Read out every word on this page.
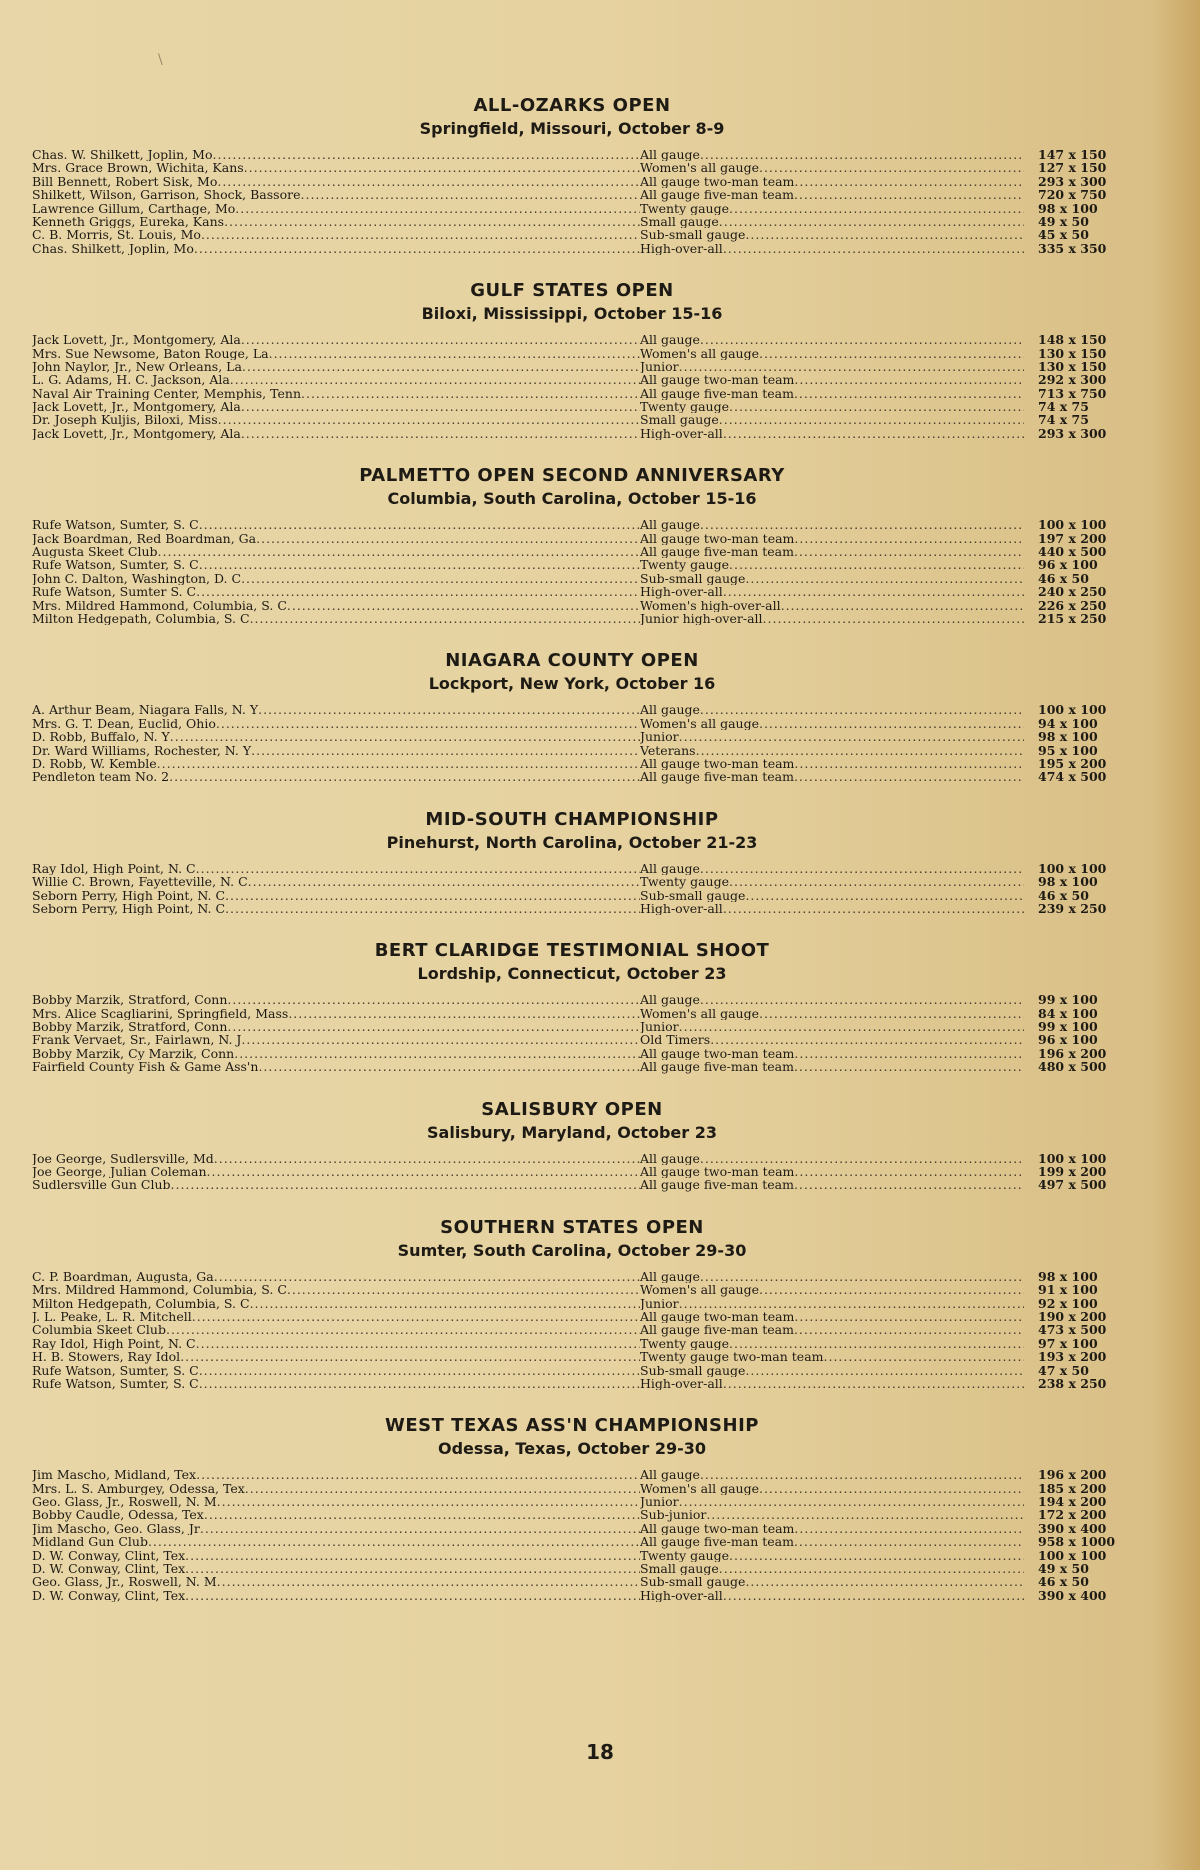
\
ALL-OZARKS OPEN
Springfield, Missouri, October 8-9
Chas. W. Shilkett, Joplin, Mo .....	All gauge .....	147 x 150
Mrs. Grace Brown, Wichita, Kans .....	Women's all gauge .....	127 x 150
Bill Bennett, Robert Sisk, Mo .....	All gauge two-man team .....	293 x 300
Shilkett, Wilson, Garrison, Shock, Bassore .....	All gauge five-man team .....	720 x 750
Lawrence Gillum, Carthage, Mo .....	Twenty gauge .....	98 x 100
Kenneth Griggs, Eureka, Kans .....	Small gauge .....	49 x 50
C. B. Morris, St. Louis, Mo .....	Sub-small gauge .....	45 x 50
Chas. Shilkett, Joplin, Mo .....	High-over-all .....	335 x 350
GULF STATES OPEN
Biloxi, Mississippi, October 15-16
Jack Lovett, Jr., Montgomery, Ala .....	All gauge .....	148 x 150
Mrs. Sue Newsome, Baton Rouge, La .....	Women's all gauge .....	130 x 150
John Naylor, Jr., New Orleans, La .....	Junior .....	130 x 150
L. G. Adams, H. C. Jackson, Ala .....	All gauge two-man team .....	292 x 300
Naval Air Training Center, Memphis, Tenn .....	All gauge five-man team .....	713 x 750
Jack Lovett, Jr., Montgomery, Ala .....	Twenty gauge .....	74 x 75
Dr. Joseph Kuljis, Biloxi, Miss .....	Small gauge .....	74 x 75
Jack Lovett, Jr., Montgomery, Ala .....	High-over-all .....	293 x 300
PALMETTO OPEN SECOND ANNIVERSARY
Columbia, South Carolina, October 15-16
Rufe Watson, Sumter, S. C .....	All gauge .....	100 x 100
Jack Boardman, Red Boardman, Ga .....	All gauge two-man team .....	197 x 200
Augusta Skeet Club .....	All gauge five-man team .....	440 x 500
Rufe Watson, Sumter, S. C .....	Twenty gauge .....	96 x 100
John C. Dalton, Washington, D. C .....	Sub-small gauge .....	46 x 50
Rufe Watson, Sumter S. C .....	High-over-all .....	240 x 250
Mrs. Mildred Hammond, Columbia, S. C .....	Women's high-over-all .....	226 x 250
Milton Hedgepath, Columbia, S. C .....	Junior high-over-all .....	215 x 250
NIAGARA COUNTY OPEN
Lockport, New York, October 16
A. Arthur Beam, Niagara Falls, N. Y .....	All gauge .....	100 x 100
Mrs. G. T. Dean, Euclid, Ohio .....	Women's all gauge .....	94 x 100
D. Robb, Buffalo, N. Y .....	Junior .....	98 x 100
Dr. Ward Williams, Rochester, N. Y .....	Veterans .....	95 x 100
D. Robb, W. Kemble .....	All gauge two-man team .....	195 x 200
Pendleton team No. 2 .....	All gauge five-man team .....	474 x 500
MID-SOUTH CHAMPIONSHIP
Pinehurst, North Carolina, October 21-23
Ray Idol, High Point, N. C .....	All gauge .....	100 x 100
Willie C. Brown, Fayetteville, N. C .....	Twenty gauge .....	98 x 100
Seborn Perry, High Point, N. C .....	Sub-small gauge .....	46 x 50
Seborn Perry, High Point, N. C .....	High-over-all .....	239 x 250
BERT CLARIDGE TESTIMONIAL SHOOT
Lordship, Connecticut, October 23
Bobby Marzik, Stratford, Conn .....	All gauge .....	99 x 100
Mrs. Alice Scagliarini, Springfield, Mass .....	Women's all gauge .....	84 x 100
Bobby Marzik, Stratford, Conn .....	Junior .....	99 x 100
Frank Vervaet, Sr., Fairlawn, N. J .....	Old Timers .....	96 x 100
Bobby Marzik, Cy Marzik, Conn .....	All gauge two-man team .....	196 x 200
Fairfield County Fish & Game Ass'n .....	All gauge five-man team .....	480 x 500
SALISBURY OPEN
Salisbury, Maryland, October 23
Joe George, Sudlersville, Md .....	All gauge .....	100 x 100
Joe George, Julian Coleman .....	All gauge two-man team .....	199 x 200
Sudlersville Gun Club .....	All gauge five-man team .....	497 x 500
SOUTHERN STATES OPEN
Sumter, South Carolina, October 29-30
C. P. Boardman, Augusta, Ga .....	All gauge .....	98 x 100
Mrs. Mildred Hammond, Columbia, S. C .....	Women's all gauge .....	91 x 100
Milton Hedgepath, Columbia, S. C .....	Junior .....	92 x 100
J. L. Peake, L. R. Mitchell .....	All gauge two-man team .....	190 x 200
Columbia Skeet Club .....	All gauge five-man team .....	473 x 500
Ray Idol, High Point, N. C .....	Twenty gauge .....	97 x 100
H. B. Stowers, Ray Idol .....	Twenty gauge two-man team .....	193 x 200
Rufe Watson, Sumter, S. C .....	Sub-small gauge .....	47 x 50
Rufe Watson, Sumter, S. C .....	High-over-all .....	238 x 250
WEST TEXAS ASS'N CHAMPIONSHIP
Odessa, Texas, October 29-30
Jim Mascho, Midland, Tex .....	All gauge .....	196 x 200
Mrs. L. S. Amburgey, Odessa, Tex .....	Women's all gauge .....	185 x 200
Geo. Glass, Jr., Roswell, N. M .....	Junior .....	194 x 200
Bobby Caudle, Odessa, Tex .....	Sub-junior .....	172 x 200
Jim Mascho, Geo. Glass, Jr .....	All gauge two-man team .....	390 x 400
Midland Gun Club .....	All gauge five-man team .....	958 x 1000
D. W. Conway, Clint, Tex .....	Twenty gauge .....	100 x 100
D. W. Conway, Clint, Tex .....	Small gauge .....	49 x 50
Geo. Glass, Jr., Roswell, N. M .....	Sub-small gauge .....	46 x 50
D. W. Conway, Clint, Tex .....	High-over-all .....	390 x 400
18
